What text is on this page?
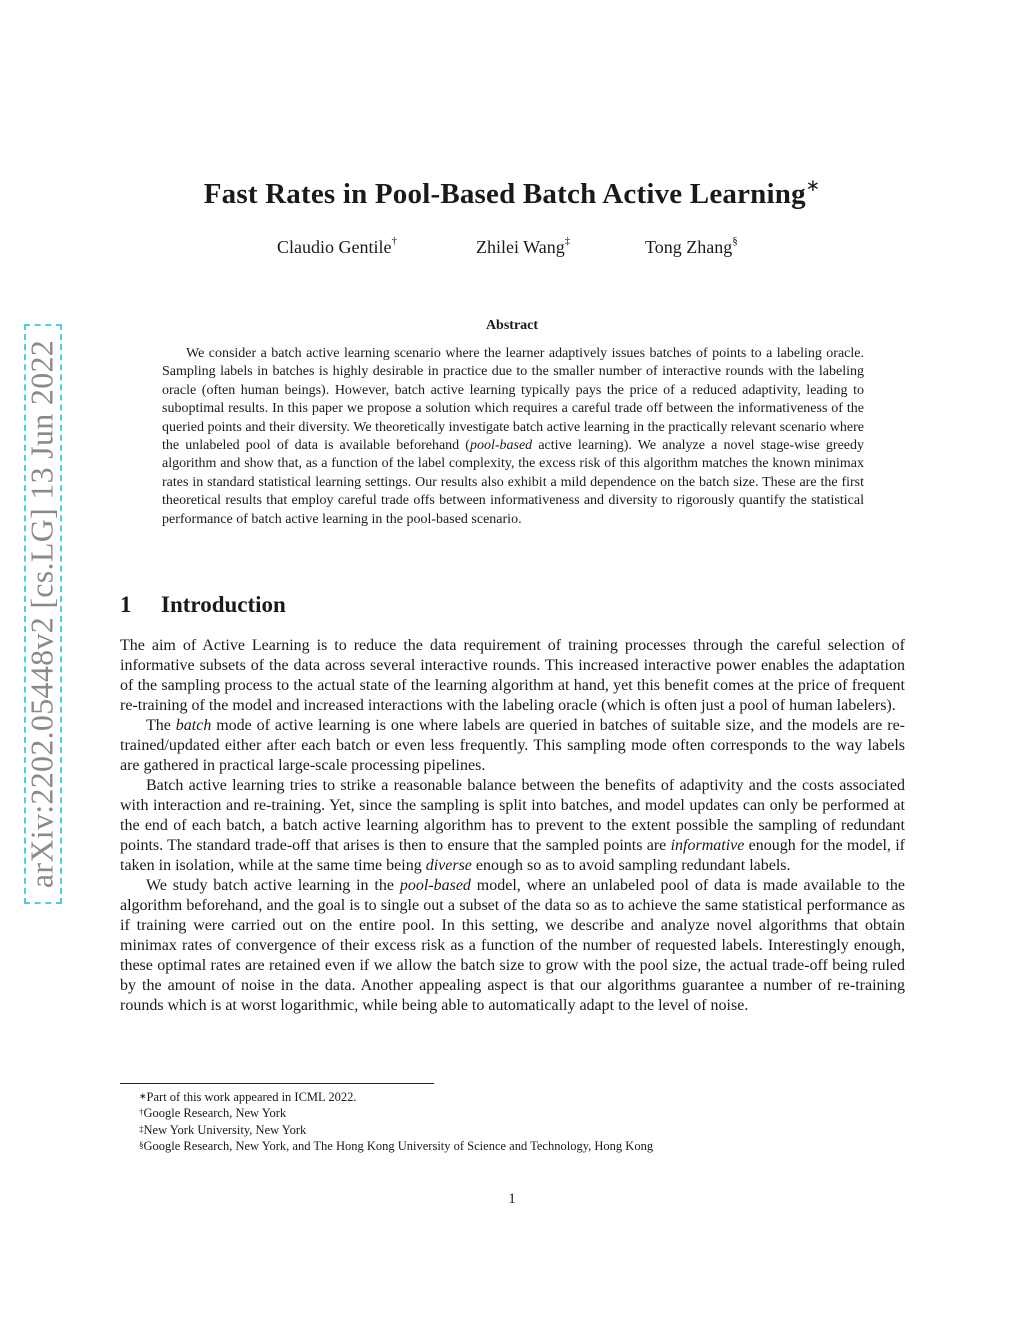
arXiv:2202.05448v2 [cs.LG] 13 Jun 2022
Fast Rates in Pool-Based Batch Active Learning∗
Claudio Gentile†	Zhilei Wang‡	Tong Zhang§
Abstract

We consider a batch active learning scenario where the learner adaptively issues batches of points to a labeling oracle. Sampling labels in batches is highly desirable in practice due to the smaller number of interactive rounds with the labeling oracle (often human beings). However, batch active learning typically pays the price of a reduced adaptivity, leading to suboptimal results. In this paper we propose a solution which requires a careful trade off between the informativeness of the queried points and their diversity. We theoretically investigate batch active learning in the practically relevant scenario where the unlabeled pool of data is available beforehand (pool-based active learning). We analyze a novel stage-wise greedy algorithm and show that, as a function of the label complexity, the excess risk of this algorithm matches the known minimax rates in standard statistical learning settings. Our results also exhibit a mild dependence on the batch size. These are the first theoretical results that employ careful trade offs between informativeness and diversity to rigorously quantify the statistical performance of batch active learning in the pool-based scenario.

1 Introduction

The aim of Active Learning is to reduce the data requirement of training processes through the careful selection of informative subsets of the data across several interactive rounds. This increased interactive power enables the adaptation of the sampling process to the actual state of the learning algorithm at hand, yet this benefit comes at the price of frequent re-training of the model and increased interactions with the labeling oracle (which is often just a pool of human labelers).

The batch mode of active learning is one where labels are queried in batches of suitable size, and the models are re-trained/updated either after each batch or even less frequently. This sampling mode often corresponds to the way labels are gathered in practical large-scale processing pipelines.

Batch active learning tries to strike a reasonable balance between the benefits of adaptivity and the costs associated with interaction and re-training. Yet, since the sampling is split into batches, and model updates can only be performed at the end of each batch, a batch active learning algorithm has to prevent to the extent possible the sampling of redundant points. The standard trade-off that arises is then to ensure that the sampled points are informative enough for the model, if taken in isolation, while at the same time being diverse enough so as to avoid sampling redundant labels.

We study batch active learning in the pool-based model, where an unlabeled pool of data is made available to the algorithm beforehand, and the goal is to single out a subset of the data so as to achieve the same statistical performance as if training were carried out on the entire pool. In this setting, we describe and analyze novel algorithms that obtain minimax rates of convergence of their excess risk as a function of the number of requested labels. Interestingly enough, these optimal rates are retained even if we allow the batch size to grow with the pool size, the actual trade-off being ruled by the amount of noise in the data. Another appealing aspect is that our algorithms guarantee a number of re-training rounds which is at worst logarithmic, while being able to automatically adapt to the level of noise.

∗Part of this work appeared in ICML 2022.
†Google Research, New York
‡New York University, New York
§Google Research, New York, and The Hong Kong University of Science and Technology, Hong Kong
1
